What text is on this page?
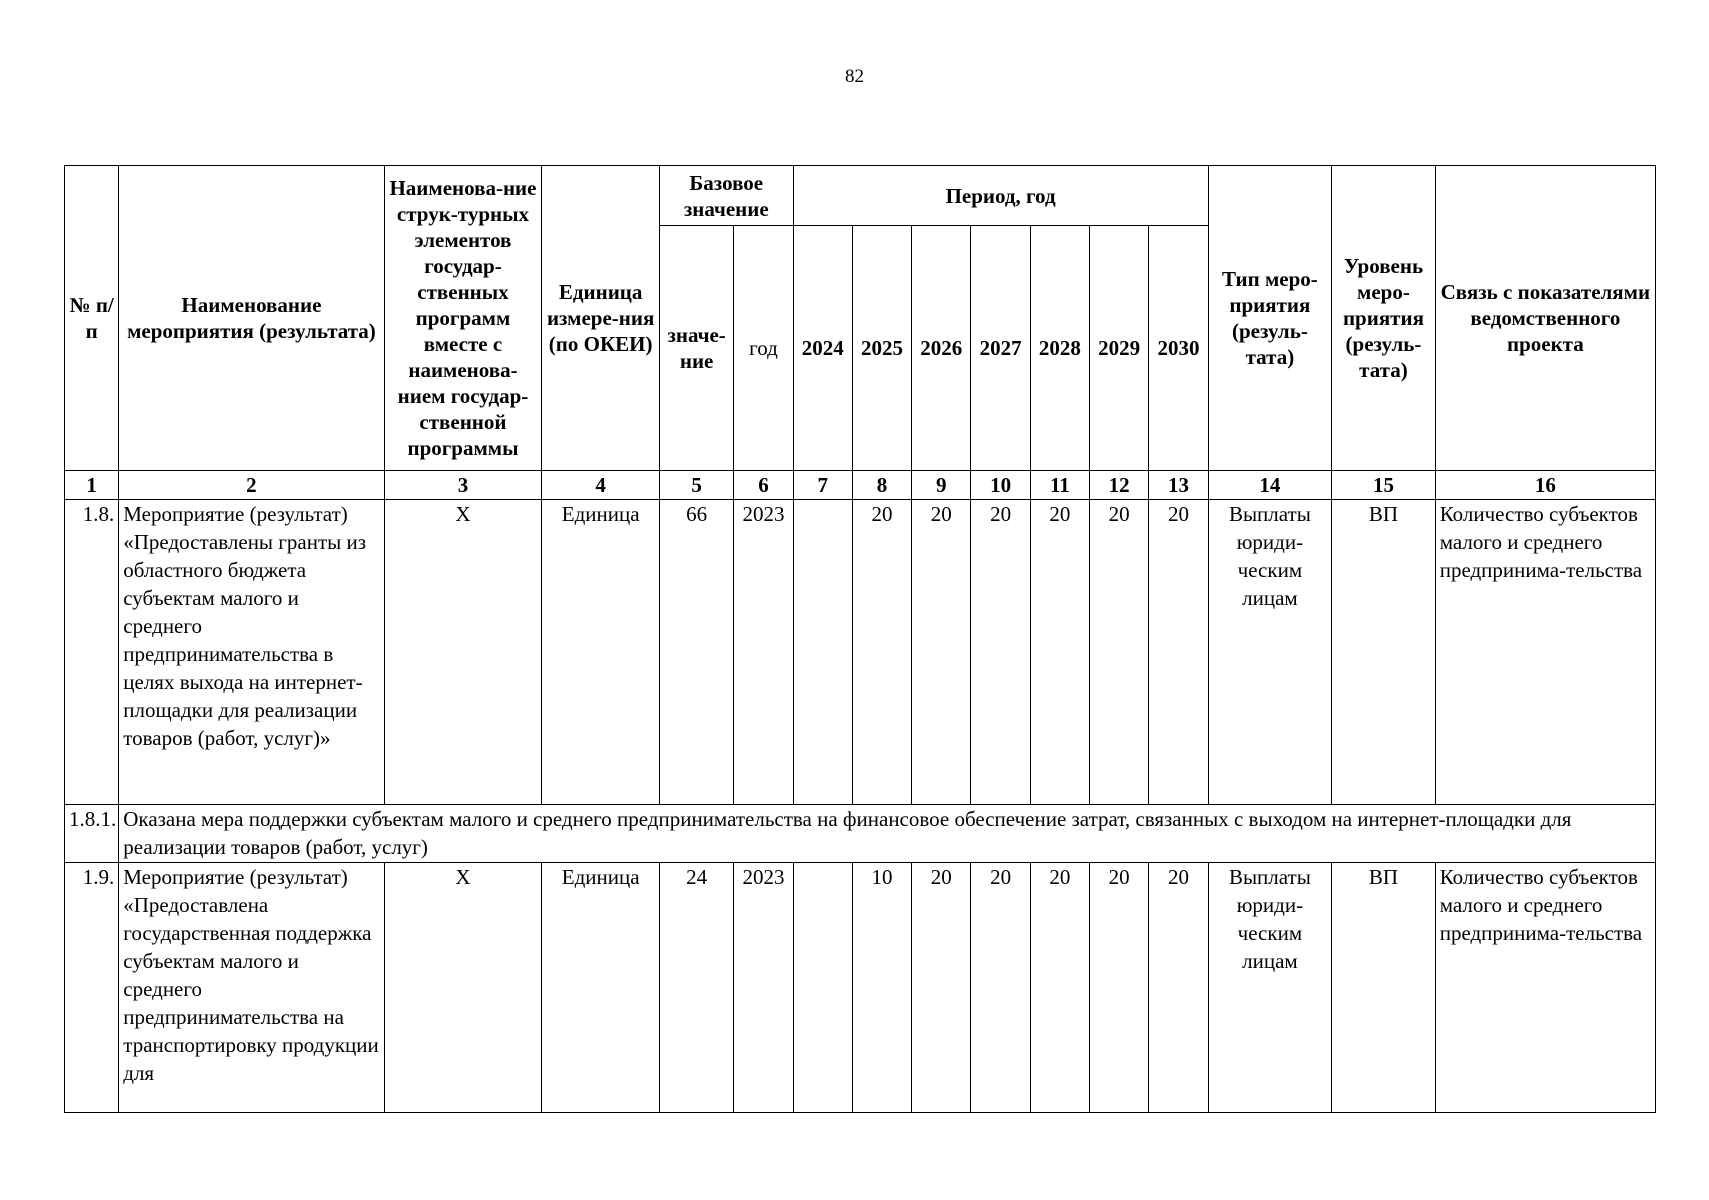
82
№ п/п	Наименование мероприятия (результата)	Наименова-ние струк-турных элементов государ-ственных программ вместе с наименова-нием государ-ственной программы	Единица измере-ния (по ОКЕИ)	Базовое значение		Период, год							Тип меро-приятия (резуль-тата)	Уровень меро-приятия (резуль-тата)	Связь с показателями ведомственного проекта
				значе-ние	год	2024	2025	2026	2027	2028	2029	2030			
1	2	3	4	5	6	7	8	9	10	11	12	13	14	15	16
1.8.	Мероприятие (результат) «Предоставлены гранты из областного бюджета субъектам малого и среднего предпринимательства в целях выхода на интернет-площадки для реализации товаров (работ, услуг)»	Х	Единица	66	2023		20	20	20	20	20	20	Выплаты юриди-ческим лицам	ВП	Количество субъектов малого и среднего предпринима-тельства
1.8.1.	Оказана мера поддержки субъектам малого и среднего предпринимательства на финансовое обеспечение затрат, связанных с выходом на интернет-площадки для реализации товаров (работ, услуг)														
1.9.	Мероприятие (результат) «Предоставлена государственная поддержка субъектам малого и среднего предпринимательства на транспортировку продукции для	Х	Единица	24	2023		10	20	20	20	20	20	Выплаты юриди-ческим лицам	ВП	Количество субъектов малого и среднего предпринима-тельства
